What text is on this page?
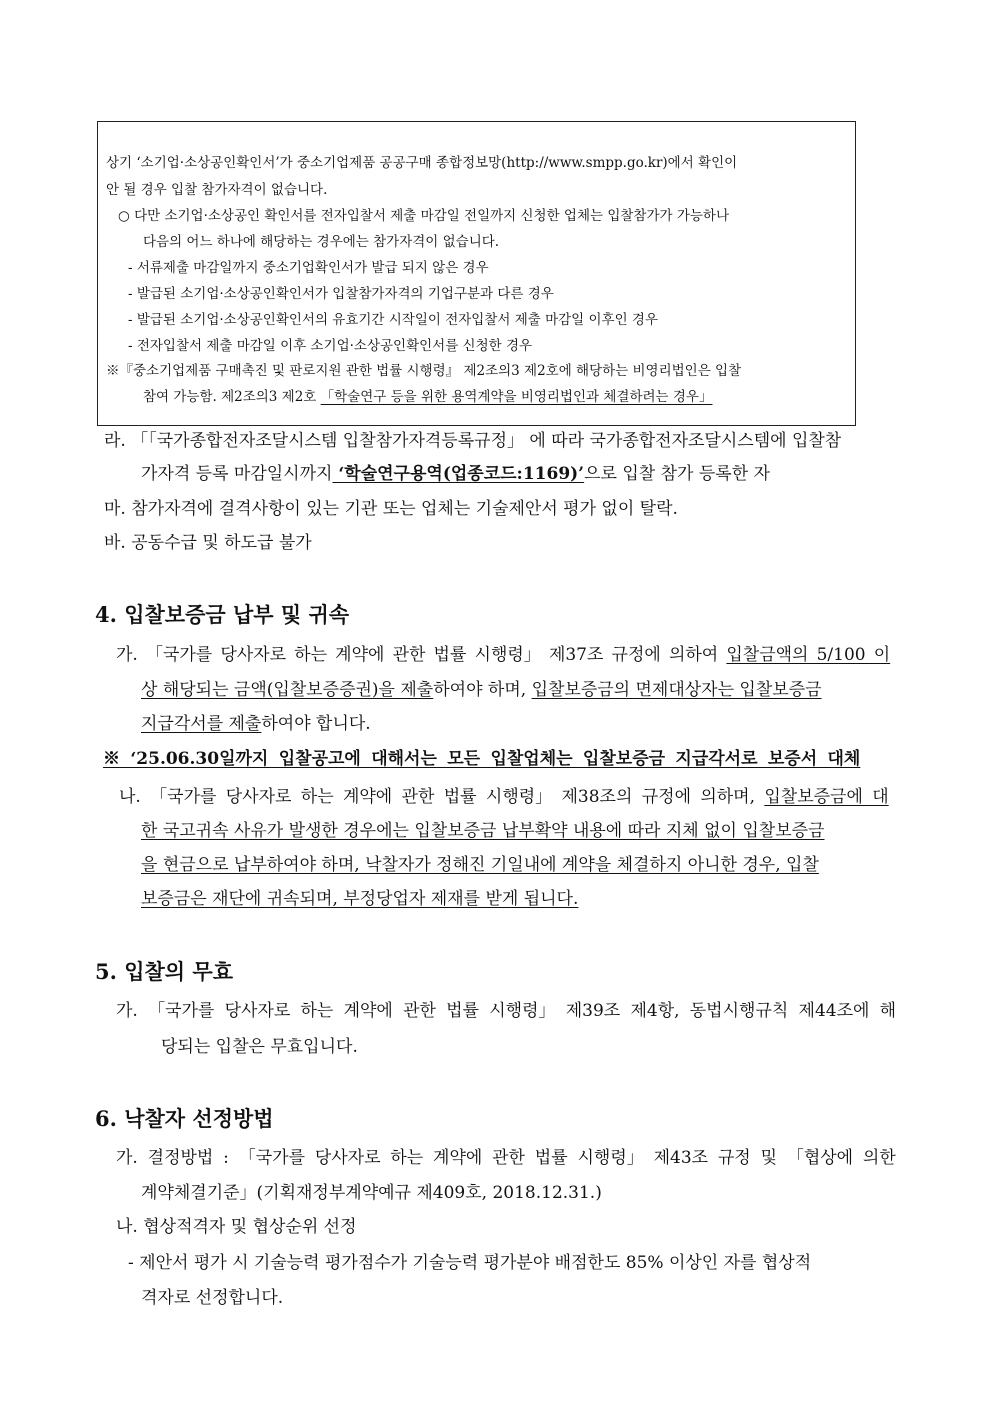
상기 ‘소기업·소상공인확인서’가 중소기업제품 공공구매 종합정보망(http://www.smpp.go.kr)에서 확인이
안 될 경우 입찰 참가자격이 없습니다.
○ 다만 소기업·소상공인 확인서를 전자입찰서 제출 마감일 전일까지 신청한 업체는 입찰참가가 가능하나
다음의 어느 하나에 해당하는 경우에는 참가자격이 없습니다.
- 서류제출 마감일까지 중소기업확인서가 발급 되지 않은 경우
- 발급된 소기업·소상공인확인서가 입찰참가자격의 기업구분과 다른 경우
- 발급된 소기업·소상공인확인서의 유효기간 시작일이 전자입찰서 제출 마감일 이후인 경우
- 전자입찰서 제출 마감일 이후 소기업·소상공인확인서를 신청한 경우
※『중소기업제품 구매촉진 및 판로지원 관한 법률 시행령』 제2조의3 제2호에 해당하는 비영리법인은 입찰
참여 가능함. 제2조의3 제2호 「학술연구 등을 위한 용역계약을 비영리법인과 체결하려는 경우」
라. 「「국가종합전자조달시스템 입찰참가자격등록규정」 에 따라 국가종합전자조달시스템에 입찰참
가자격 등록 마감일시까지 ‘학술연구용역(업종코드:1169)’으로 입찰 참가 등록한 자
마. 참가자격에 결격사항이 있는 기관 또는 업체는 기술제안서 평가 없이 탈락.
바. 공동수급 및 하도급 불가
4. 입찰보증금 납부 및 귀속
가. 「국가를 당사자로 하는 계약에 관한 법률 시행령」 제37조 규정에 의하여 입찰금액의 5/100 이
상 해당되는 금액(입찰보증증권)을 제출하여야 하며, 입찰보증금의 면제대상자는 입찰보증금
지급각서를 제출하여야 합니다.
※ ‘25.06.30일까지 입찰공고에 대해서는 모든 입찰업체는 입찰보증금 지급각서로 보증서 대체
나. 「국가를 당사자로 하는 계약에 관한 법률 시행령」 제38조의 규정에 의하며, 입찰보증금에 대
한 국고귀속 사유가 발생한 경우에는 입찰보증금 납부확약 내용에 따라 지체 없이 입찰보증금
을 현금으로 납부하여야 하며, 낙찰자가 정해진 기일내에 계약을 체결하지 아니한 경우, 입찰
보증금은 재단에 귀속되며, 부정당업자 제재를 받게 됩니다.
5. 입찰의 무효
가. 「국가를 당사자로 하는 계약에 관한 법률 시행령」 제39조 제4항, 동법시행규칙 제44조에 해
당되는 입찰은 무효입니다.
6. 낙찰자 선정방법
가. 결정방법 : 「국가를 당사자로 하는 계약에 관한 법률 시행령」 제43조 규정 및 「협상에 의한
계약체결기준」(기획재정부계약예규 제409호, 2018.12.31.)
나. 협상적격자 및 협상순위 선정
- 제안서 평가 시 기술능력 평가점수가 기술능력 평가분야 배점한도 85% 이상인 자를 협상적
격자로 선정합니다.
